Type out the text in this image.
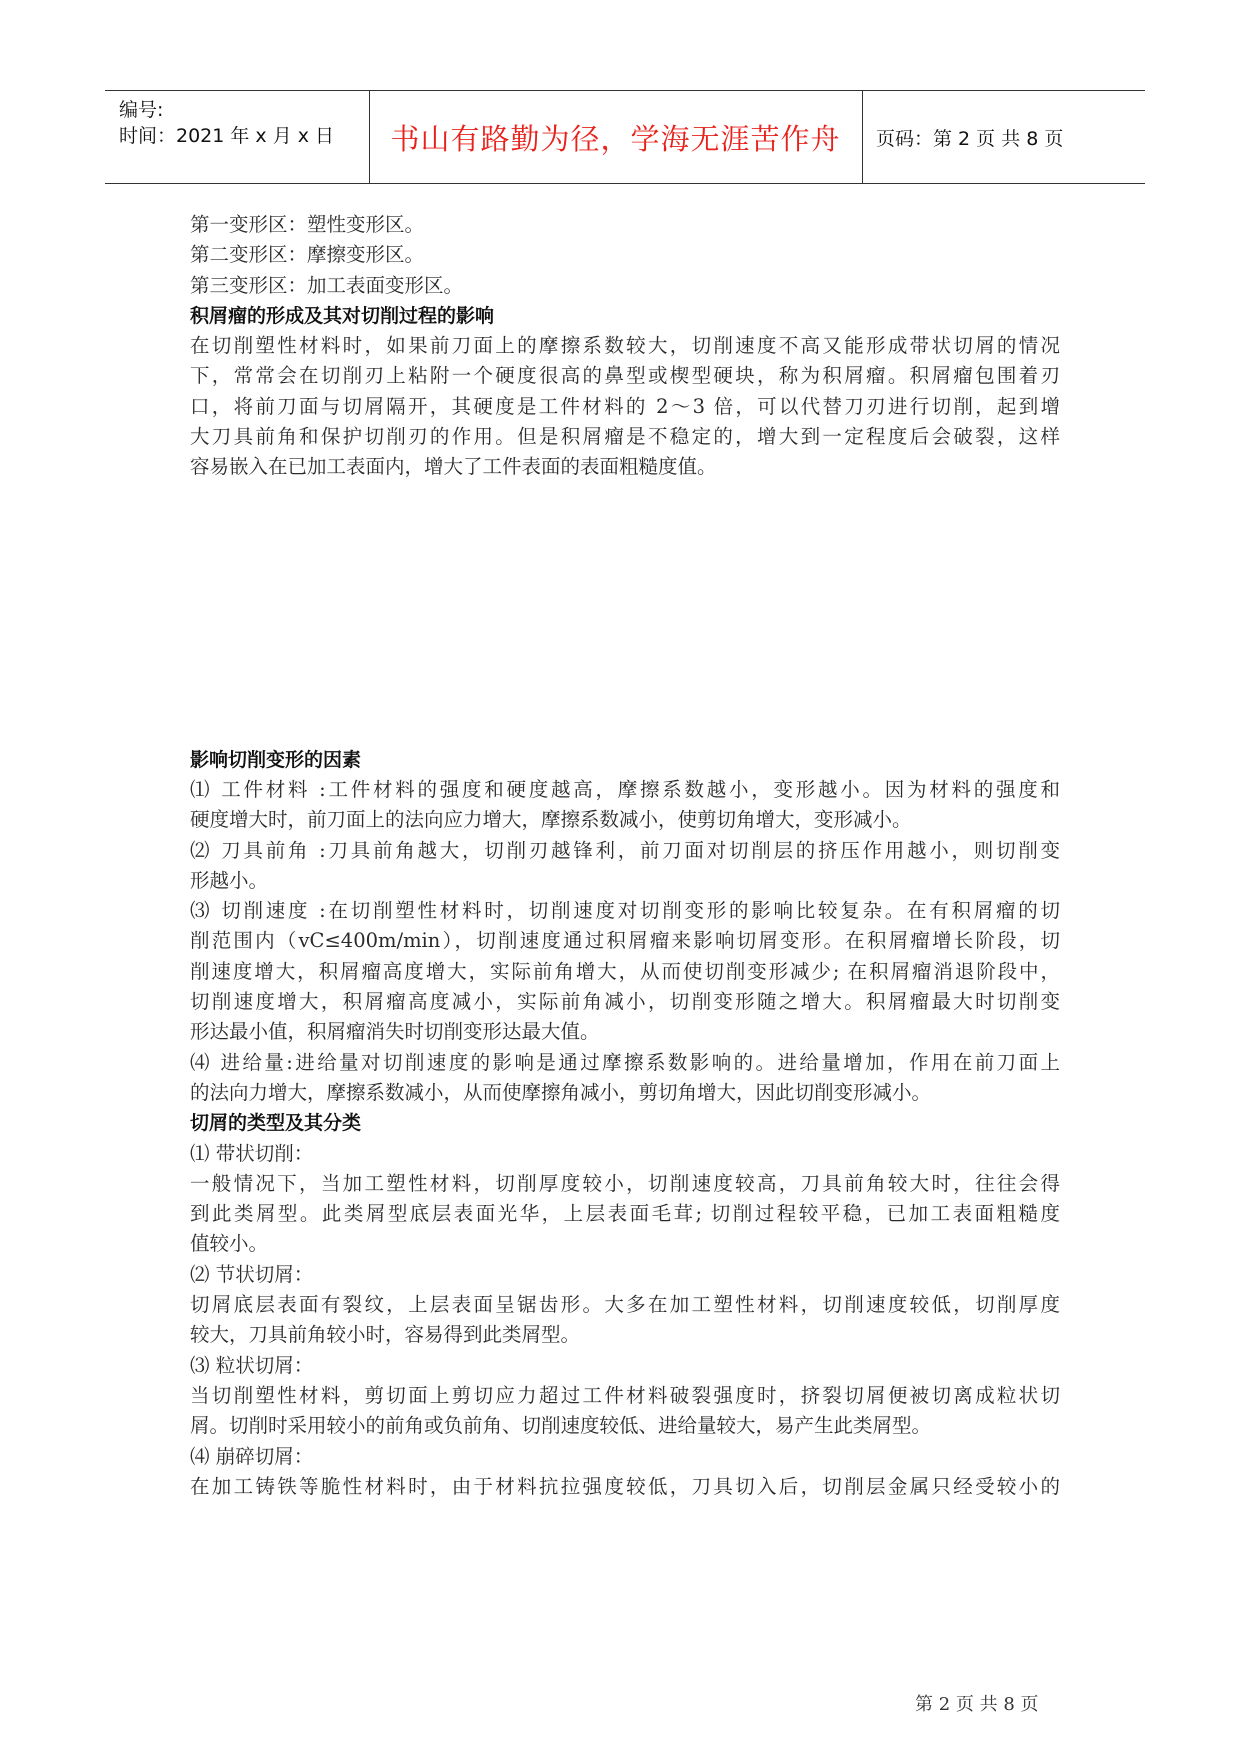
编号:
时间：2021 年 x 月 x 日	书山有路勤为径，学海无涯苦作舟	页码：第 2 页 共 8 页
第一变形区：塑性变形区。
第二变形区：摩擦变形区。
第三变形区：加工表面变形区。
积屑瘤的形成及其对切削过程的影响
在切削塑性材料时，如果前刀面上的摩擦系数较大，切削速度不高又能形成带状切屑的情况
下，常常会在切削刃上粘附一个硬度很高的鼻型或楔型硬块，称为积屑瘤。积屑瘤包围着刃
口，将前刀面与切屑隔开，其硬度是工件材料的 2～3 倍，可以代替刀刃进行切削，起到增
大刀具前角和保护切削刃的作用。但是积屑瘤是不稳定的，增大到一定程度后会破裂，这样
容易嵌入在已加工表面内，增大了工件表面的表面粗糙度值。
影响切削变形的因素
⑴ 工件材料 :工件材料的强度和硬度越高，摩擦系数越小，变形越小。因为材料的强度和
硬度增大时，前刀面上的法向应力增大，摩擦系数减小，使剪切角增大，变形减小。
⑵ 刀具前角 :刀具前角越大，切削刃越锋利，前刀面对切削层的挤压作用越小，则切削变
形越小。
⑶ 切削速度 :在切削塑性材料时，切削速度对切削变形的影响比较复杂。在有积屑瘤的切
削范围内（vC≤400m/min），切削速度通过积屑瘤来影响切屑变形。在积屑瘤增长阶段，切
削速度增大，积屑瘤高度增大，实际前角增大，从而使切削变形减少; 在积屑瘤消退阶段中，
切削速度增大，积屑瘤高度减小，实际前角减小，切削变形随之增大。积屑瘤最大时切削变
形达最小值，积屑瘤消失时切削变形达最大值。
⑷ 进给量:进给量对切削速度的影响是通过摩擦系数影响的。进给量增加，作用在前刀面上
的法向力增大，摩擦系数减小，从而使摩擦角减小，剪切角增大，因此切削变形减小。
切屑的类型及其分类
⑴ 带状切削：
一般情况下，当加工塑性材料，切削厚度较小，切削速度较高，刀具前角较大时，往往会得
到此类屑型。此类屑型底层表面光华，上层表面毛茸; 切削过程较平稳，已加工表面粗糙度
值较小。
⑵ 节状切屑：
切屑底层表面有裂纹，上层表面呈锯齿形。大多在加工塑性材料，切削速度较低，切削厚度
较大，刀具前角较小时，容易得到此类屑型。
⑶ 粒状切屑：
当切削塑性材料，剪切面上剪切应力超过工件材料破裂强度时，挤裂切屑便被切离成粒状切
屑。切削时采用较小的前角或负前角、切削速度较低、进给量较大，易产生此类屑型。
⑷ 崩碎切屑：
在加工铸铁等脆性材料时，由于材料抗拉强度较低，刀具切入后，切削层金属只经受较小的
第 2 页 共 8 页
